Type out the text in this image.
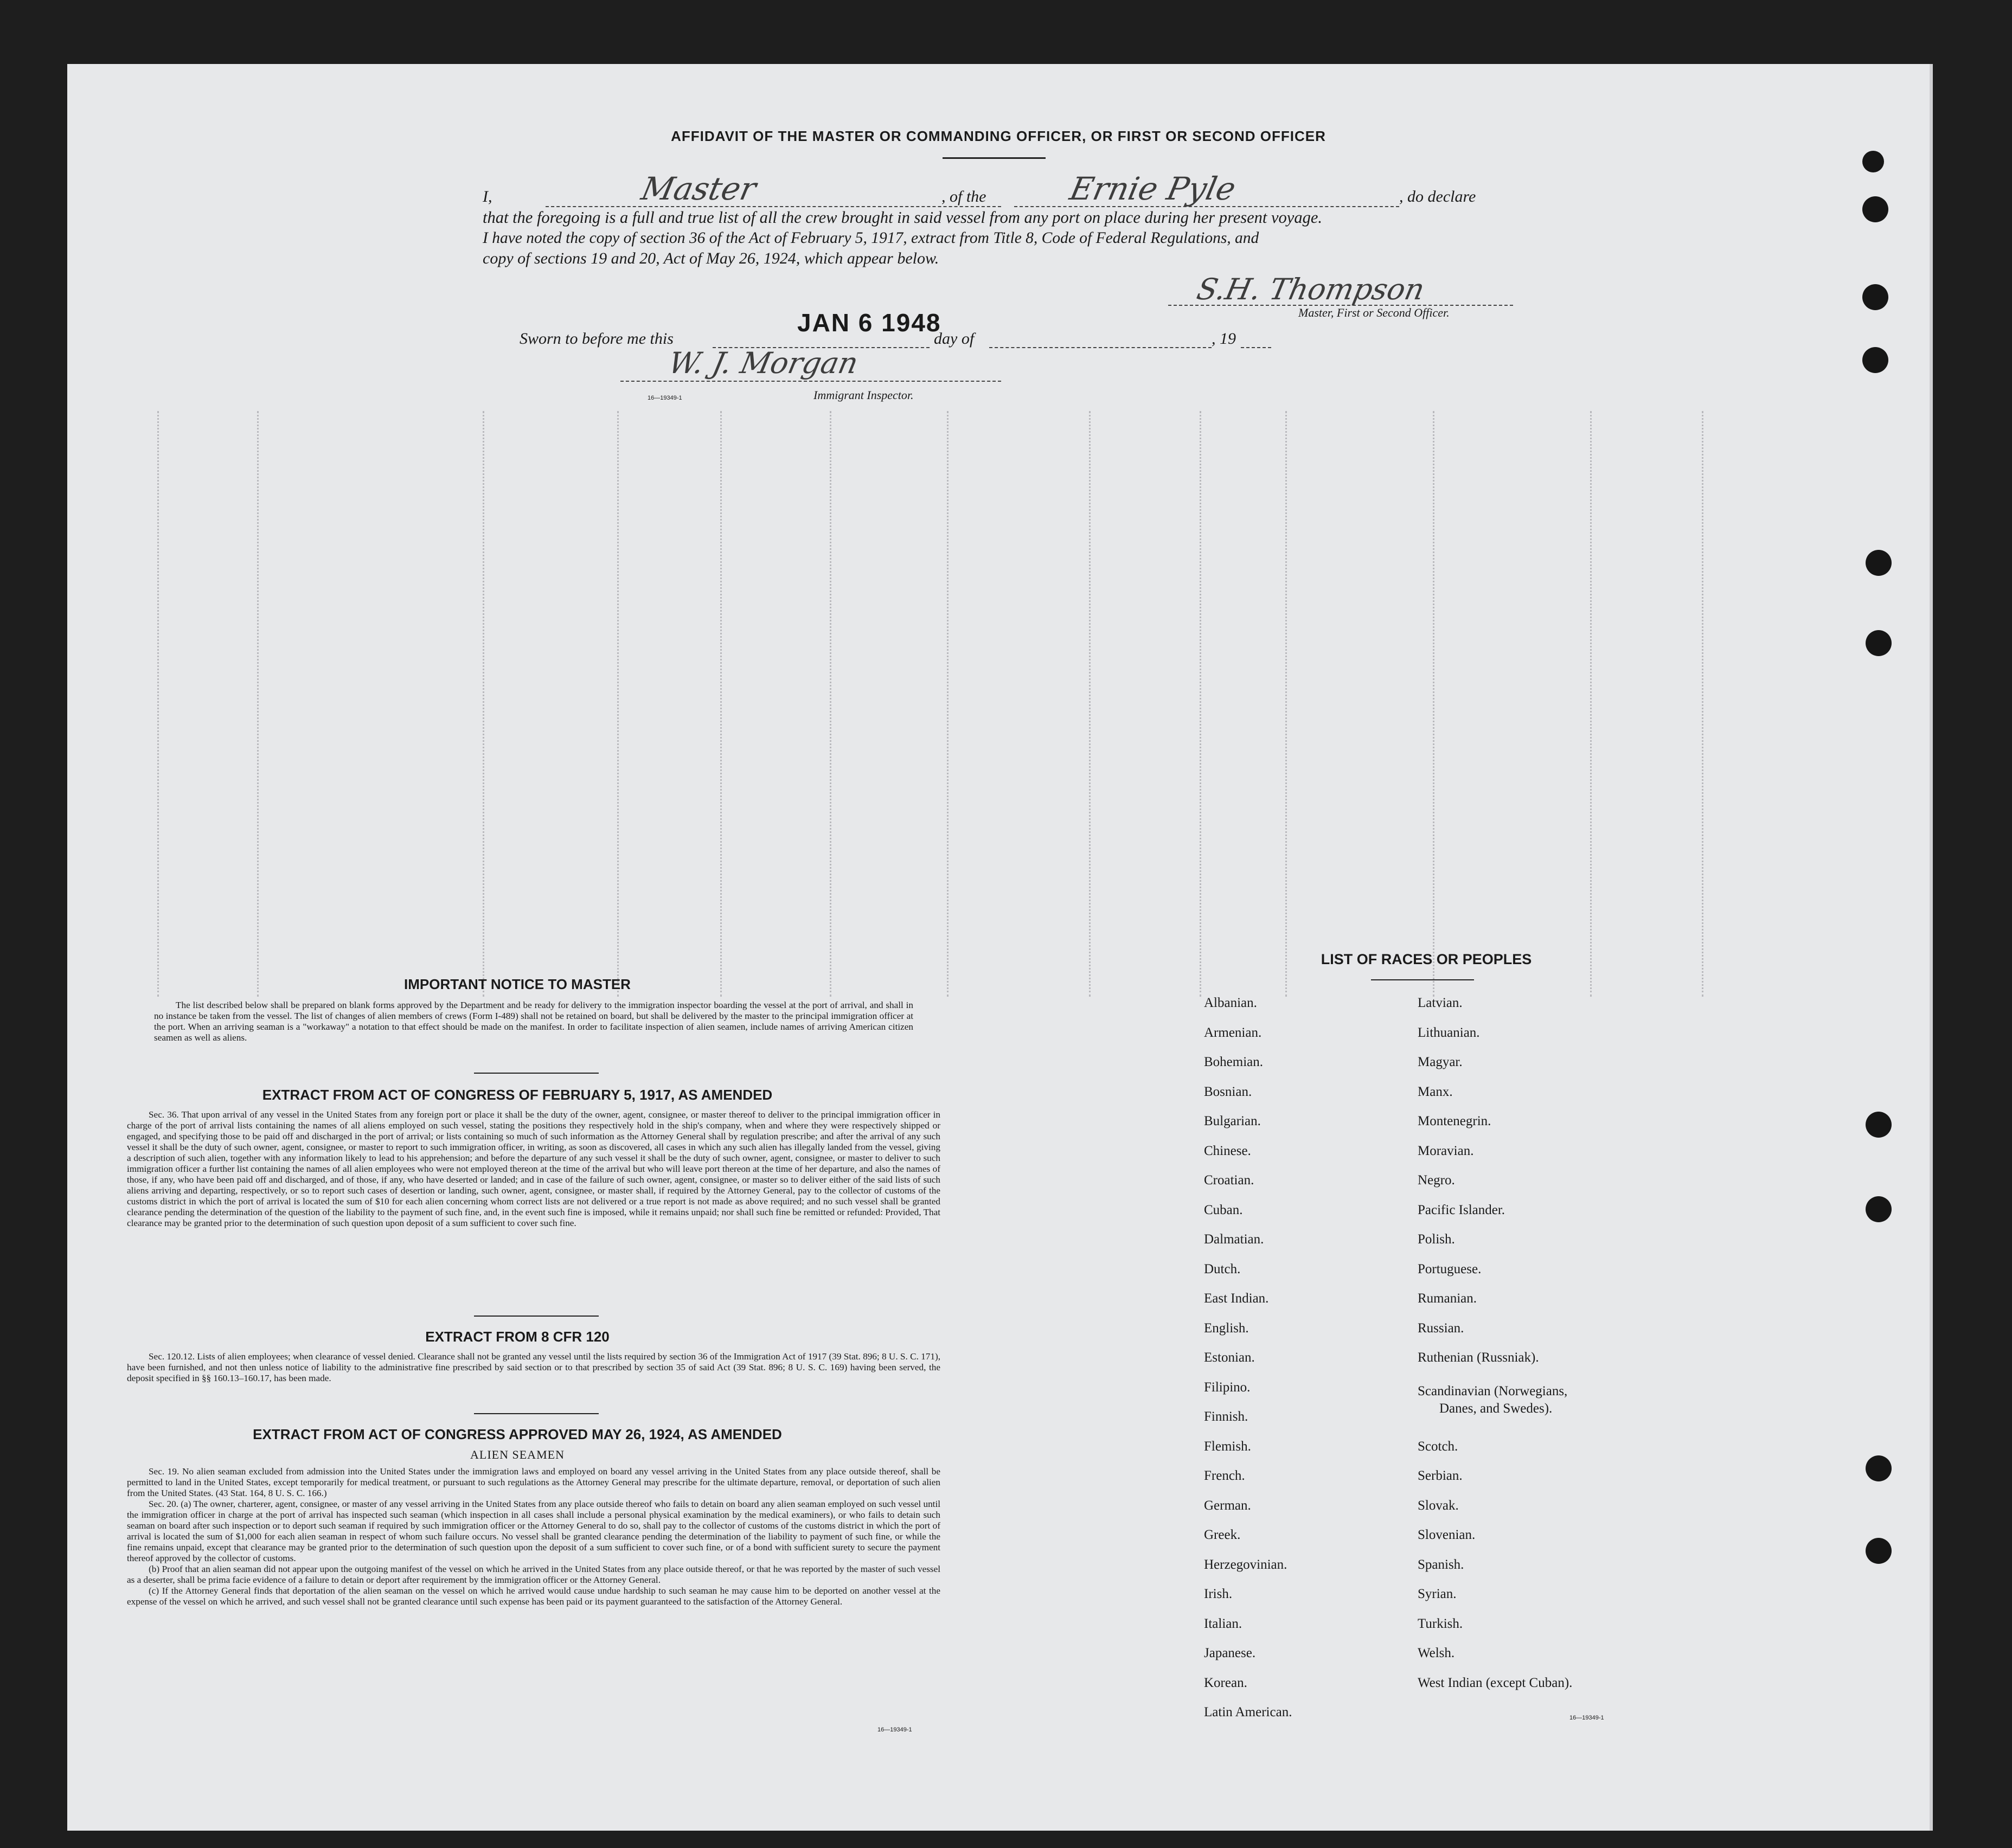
AFFIDAVIT OF THE MASTER OR COMMANDING OFFICER, OR FIRST OR SECOND OFFICER
I,	Master	, of the	Ernie Pyle	, do declare
that the foregoing is a full and true list of all the crew brought in said vessel from any port on place during her present voyage.
I have noted the copy of section 36 of the Act of February 5, 1917, extract from Title 8, Code of Federal Regulations, and
copy of sections 19 and 20, Act of May 26, 1924, which appear below.
S.H. Thompson
Master, First or Second Officer.
Sworn to before me this
JAN 6 1948
day of	, 19
W. J. Morgan
16—19349-1	Immigrant Inspector.
IMPORTANT NOTICE TO MASTER

The list described below shall be prepared on blank forms approved by the Department and be ready for delivery to the immigration inspector boarding the vessel at the port of arrival, and shall in no instance be taken from the vessel. The list of changes of alien members of crews (Form I-489) shall not be retained on board, but shall be delivered by the master to the principal immigration officer at the port. When an arriving seaman is a "workaway" a notation to that effect should be made on the manifest. In order to facilitate inspection of alien seamen, include names of arriving American citizen seamen as well as aliens.

EXTRACT FROM ACT OF CONGRESS OF FEBRUARY 5, 1917, AS AMENDED

Sec. 36. That upon arrival of any vessel in the United States from any foreign port or place it shall be the duty of the owner, agent, consignee, or master thereof to deliver to the principal immigration officer in charge of the port of arrival lists containing the names of all aliens employed on such vessel, stating the positions they respectively hold in the ship's company, when and where they were respectively shipped or engaged, and specifying those to be paid off and discharged in the port of arrival; or lists containing so much of such information as the Attorney General shall by regulation prescribe; and after the arrival of any such vessel it shall be the duty of such owner, agent, consignee, or master to report to such immigration officer, in writing, as soon as discovered, all cases in which any such alien has illegally landed from the vessel, giving a description of such alien, together with any information likely to lead to his apprehension; and before the departure of any such vessel it shall be the duty of such owner, agent, consignee, or master to deliver to such immigration officer a further list containing the names of all alien employees who were not employed thereon at the time of the arrival but who will leave port thereon at the time of her departure, and also the names of those, if any, who have been paid off and discharged, and of those, if any, who have deserted or landed; and in case of the failure of such owner, agent, consignee, or master so to deliver either of the said lists of such aliens arriving and departing, respectively, or so to report such cases of desertion or landing, such owner, agent, consignee, or master shall, if required by the Attorney General, pay to the collector of customs of the customs district in which the port of arrival is located the sum of $10 for each alien concerning whom correct lists are not delivered or a true report is not made as above required; and no such vessel shall be granted clearance pending the determination of the question of the liability to the payment of such fine, and, in the event such fine is imposed, while it remains unpaid; nor shall such fine be remitted or refunded: Provided, That clearance may be granted prior to the determination of such question upon deposit of a sum sufficient to cover such fine.

EXTRACT FROM 8 CFR 120

Sec. 120.12. Lists of alien employees; when clearance of vessel denied. Clearance shall not be granted any vessel until the lists required by section 36 of the Immigration Act of 1917 (39 Stat. 896; 8 U. S. C. 171), have been furnished, and not then unless notice of liability to the administrative fine prescribed by said section or to that prescribed by section 35 of said Act (39 Stat. 896; 8 U. S. C. 169) having been served, the deposit specified in §§ 160.13–160.17, has been made.

EXTRACT FROM ACT OF CONGRESS APPROVED MAY 26, 1924, AS AMENDED
ALIEN SEAMEN

Sec. 19. No alien seaman excluded from admission into the United States under the immigration laws and employed on board any vessel arriving in the United States from any place outside thereof, shall be permitted to land in the United States, except temporarily for medical treatment, or pursuant to such regulations as the Attorney General may prescribe for the ultimate departure, removal, or deportation of such alien from the United States. (43 Stat. 164, 8 U. S. C. 166.)

Sec. 20. (a) The owner, charterer, agent, consignee, or master of any vessel arriving in the United States from any place outside thereof who fails to detain on board any alien seaman employed on such vessel until the immigration officer in charge at the port of arrival has inspected such seaman (which inspection in all cases shall include a personal physical examination by the medical examiners), or who fails to detain such seaman on board after such inspection or to deport such seaman if required by such immigration officer or the Attorney General to do so, shall pay to the collector of customs of the customs district in which the port of arrival is located the sum of $1,000 for each alien seaman in respect of whom such failure occurs. No vessel shall be granted clearance pending the determination of the liability to payment of such fine, or while the fine remains unpaid, except that clearance may be granted prior to the determination of such question upon the deposit of a sum sufficient to cover such fine, or of a bond with sufficient surety to secure the payment thereof approved by the collector of customs.

(b) Proof that an alien seaman did not appear upon the outgoing manifest of the vessel on which he arrived in the United States from any place outside thereof, or that he was reported by the master of such vessel as a deserter, shall be prima facie evidence of a failure to detain or deport after requirement by the immigration officer or the Attorney General.

(c) If the Attorney General finds that deportation of the alien seaman on the vessel on which he arrived would cause undue hardship to such seaman he may cause him to be deported on another vessel at the expense of the vessel on which he arrived, and such vessel shall not be granted clearance until such expense has been paid or its payment guaranteed to the satisfaction of the Attorney General.

16—19349-1
LIST OF RACES OR PEOPLES
Albanian.
Armenian.
Bohemian.
Bosnian.
Bulgarian.
Chinese.
Croatian.
Cuban.
Dalmatian.
Dutch.
East Indian.
English.
Estonian.
Filipino.
Finnish.
Flemish.
French.
German.
Greek.
Herzegovinian.
Irish.
Italian.
Japanese.
Korean.
Latin American.
Latvian.
Lithuanian.
Magyar.
Manx.
Montenegrin.
Moravian.
Negro.
Pacific Islander.
Polish.
Portuguese.
Rumanian.
Russian.
Ruthenian (Russniak).
Scandinavian (Norwegians,
Danes, and Swedes).
Scotch.
Serbian.
Slovak.
Slovenian.
Spanish.
Syrian.
Turkish.
Welsh.
West Indian (except Cuban).
16—19349-1
